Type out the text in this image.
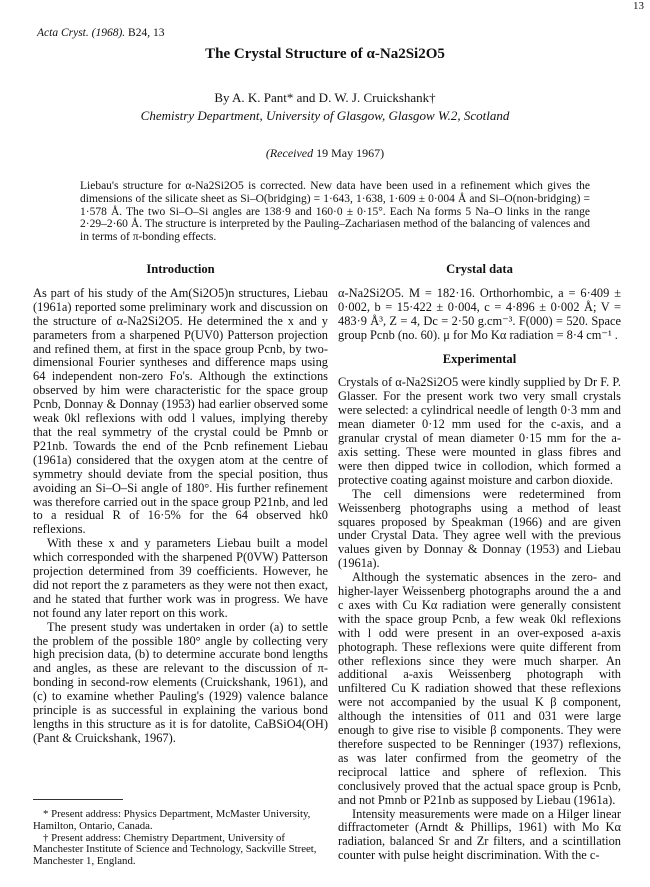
13
Acta Cryst. (1968). B24, 13
The Crystal Structure of α-Na2Si2O5
By A. K. Pant* and D. W. J. Cruickshank†
Chemistry Department, University of Glasgow, Glasgow W.2, Scotland
(Received 19 May 1967)
Liebau's structure for α-Na2Si2O5 is corrected. New data have been used in a refinement which gives the dimensions of the silicate sheet as Si–O(bridging) = 1·643, 1·638, 1·609 ± 0·004 Å and Si–O(non-bridging) = 1·578 Å. The two Si–O–Si angles are 138·9 and 160·0 ± 0·15°. Each Na forms 5 Na–O links in the range 2·29–2·60 Å. The structure is interpreted by the Pauling–Zachariasen method of the balancing of valences and in terms of π-bonding effects.
Introduction

As part of his study of the Am(Si2O5)n structures, Liebau (1961a) reported some preliminary work and discussion on the structure of α-Na2Si2O5. He determined the x and y parameters from a sharpened P(UV0) Patterson projection and refined them, at first in the space group Pcnb, by two-dimensional Fourier syntheses and difference maps using 64 independent non-zero Fo's. Although the extinctions observed by him were characteristic for the space group Pcnb, Donnay & Donnay (1953) had earlier observed some weak 0kl reflexions with odd l values, implying thereby that the real symmetry of the crystal could be Pmnb or P21nb. Towards the end of the Pcnb refinement Liebau (1961a) considered that the oxygen atom at the centre of symmetry should deviate from the special position, thus avoiding an Si–O–Si angle of 180°. His further refinement was therefore carried out in the space group P21nb, and led to a residual R of 16·5% for the 64 observed hk0 reflexions.

With these x and y parameters Liebau built a model which corresponded with the sharpened P(0VW) Patterson projection determined from 39 coefficients. However, he did not report the z parameters as they were not then exact, and he stated that further work was in progress. We have not found any later report on this work.

The present study was undertaken in order (a) to settle the problem of the possible 180° angle by collecting very high precision data, (b) to determine accurate bond lengths and angles, as these are relevant to the discussion of π-bonding in second-row elements (Cruickshank, 1961), and (c) to examine whether Pauling's (1929) valence balance principle is as successful in explaining the various bond lengths in this structure as it is for datolite, CaBSiO4(OH) (Pant & Cruickshank, 1967).

* Present address: Physics Department, McMaster University, Hamilton, Ontario, Canada.

† Present address: Chemistry Department, University of Manchester Institute of Science and Technology, Sackville Street, Manchester 1, England.

Crystal data

α-Na2Si2O5. M = 182·16. Orthorhombic, a = 6·409 ± 0·002, b = 15·422 ± 0·004, c = 4·896 ± 0·002 Å; V = 483·9 Å³, Z = 4, Dc = 2·50 g.cm⁻³. F(000) = 520. Space group Pcnb (no. 60). μ for Mo Kα radiation = 8·4 cm⁻¹ .

Experimental

Crystals of α-Na2Si2O5 were kindly supplied by Dr F. P. Glasser. For the present work two very small crystals were selected: a cylindrical needle of length 0·3 mm and mean diameter 0·12 mm used for the c-axis, and a granular crystal of mean diameter 0·15 mm for the a-axis setting. These were mounted in glass fibres and were then dipped twice in collodion, which formed a protective coating against moisture and carbon dioxide.

The cell dimensions were redetermined from Weissenberg photographs using a method of least squares proposed by Speakman (1966) and are given under Crystal Data. They agree well with the previous values given by Donnay & Donnay (1953) and Liebau (1961a).

Although the systematic absences in the zero- and higher-layer Weissenberg photographs around the a and c axes with Cu Kα radiation were generally consistent with the space group Pcnb, a few weak 0kl reflexions with l odd were present in an over-exposed a-axis photograph. These reflexions were quite different from other reflexions since they were much sharper. An additional a-axis Weissenberg photograph with unfiltered Cu K radiation showed that these reflexions were not accompanied by the usual K β component, although the intensities of 011 and 031 were large enough to give rise to visible β components. They were therefore suspected to be Renninger (1937) reflexions, as was later confirmed from the geometry of the reciprocal lattice and sphere of reflexion. This conclusively proved that the actual space group is Pcnb, and not Pmnb or P21nb as supposed by Liebau (1961a).

Intensity measurements were made on a Hilger linear diffractometer (Arndt & Phillips, 1961) with Mo Kα radiation, balanced Sr and Zr filters, and a scintillation counter with pulse height discrimination. With the c-
